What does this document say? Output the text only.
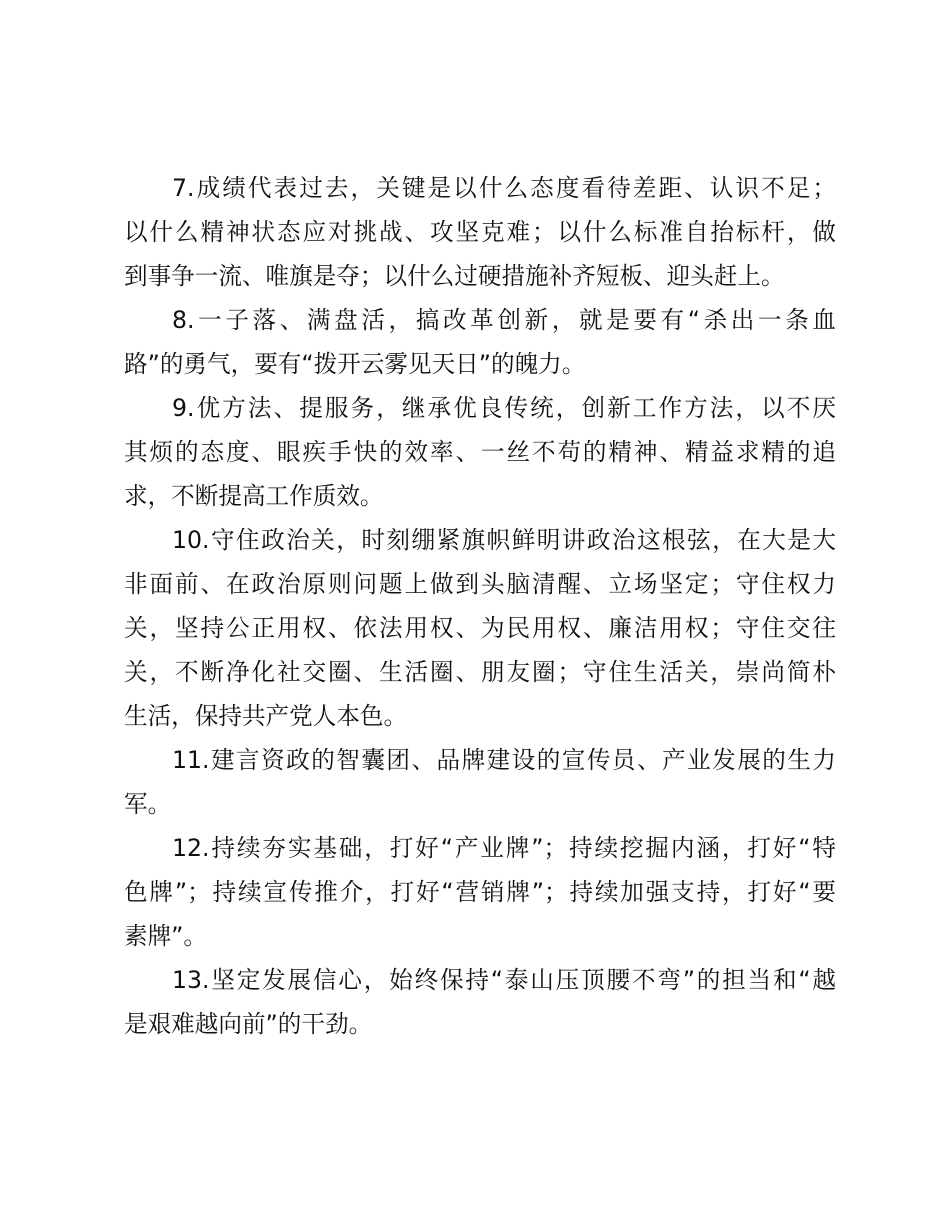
7.成绩代表过去，关键是以什么态度看待差距、认识不足；
以什么精神状态应对挑战、攻坚克难；以什么标准自抬标杆，做
到事争一流、唯旗是夺；以什么过硬措施补齐短板、迎头赶上。
8.一子落、满盘活，搞改革创新，就是要有“杀出一条血
路”的勇气，要有“拨开云雾见天日”的魄力。
9.优方法、提服务，继承优良传统，创新工作方法，以不厌
其烦的态度、眼疾手快的效率、一丝不苟的精神、精益求精的追
求，不断提高工作质效。
10.守住政治关，时刻绷紧旗帜鲜明讲政治这根弦，在大是大
非面前、在政治原则问题上做到头脑清醒、立场坚定；守住权力
关，坚持公正用权、依法用权、为民用权、廉洁用权；守住交往
关，不断净化社交圈、生活圈、朋友圈；守住生活关，崇尚简朴
生活，保持共产党人本色。
11.建言资政的智囊团、品牌建设的宣传员、产业发展的生力
军。
12.持续夯实基础，打好“产业牌”；持续挖掘内涵，打好“特
色牌”；持续宣传推介，打好“营销牌”；持续加强支持，打好“要
素牌”。
13.坚定发展信心，始终保持“泰山压顶腰不弯”的担当和“越
是艰难越向前”的干劲。
